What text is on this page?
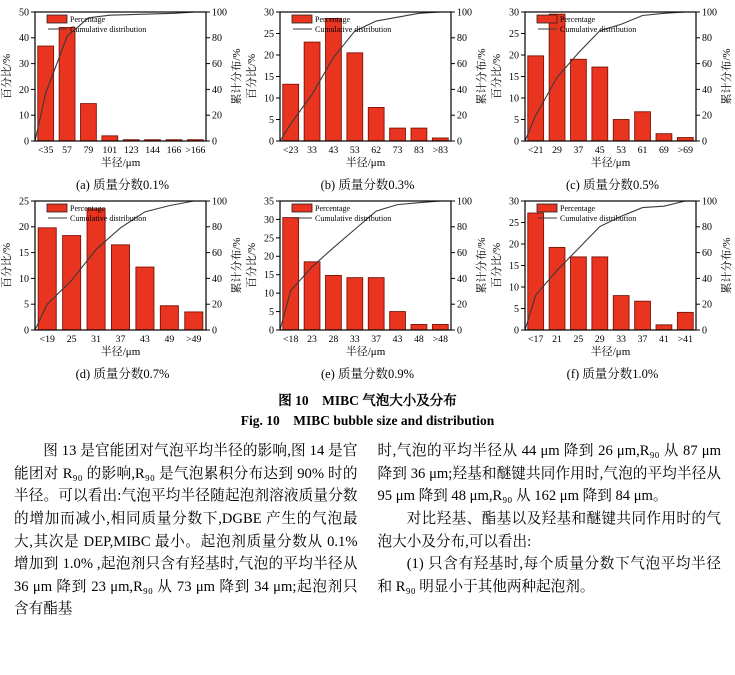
0
10
20
30
40
50
0
20
40
60
80
100
<35 57 79 101 123 144 166 >166
半径/μm
百分比/%	累计分布/%
Percentage
Cumulative distribution
(a) 质量分数0.1%
0
5
10
15
20
25
30
0
20
40
60
80
100
<23 33 43 53 62 73 83 >83
半径/μm
百分比/%	累计分布/%
Percentage
Cumulative distribution
(b) 质量分数0.3%
0
5
10
15
20
25
30
0
20
40
60
80
100
<21 29 37 45 53 61 69 >69
半径/μm
百分比/%	累计分布/%
Percentage
Cumulative distribution
(c) 质量分数0.5%
0
5
10
15
20
25
0
20
40
60
80
100
<19 25 31 37 43 49 >49
半径/μm
百分比/%	累计分布/%
Percentage
Cumulative distribution
(d) 质量分数0.7%
0
5
10
15
20
25
30
35
0
20
40
60
80
100
<18 23 28 33 37 43 48 >48
半径/μm
百分比/%	累计分布/%
Percentage
Cumulative distribution
(e) 质量分数0.9%
0
5
10
15
20
25
30
0
20
40
60
80
100
<17 21 25 29 33 37 41 >41
半径/μm
百分比/%	累计分布/%
Percentage
Cumulative distribution
(f) 质量分数1.0%
图 10　MIBC 气泡大小及分布
Fig. 10　MIBC bubble size and distribution

图 13 是官能团对气泡平均半径的影响,图 14 是官能团对 R₉₀ 的影响,R₉₀ 是气泡累积分布达到 90% 时的半径。可以看出:气泡平均半径随起泡剂溶液质量分数的增加而减小,相同质量分数下,DGBE 产生的气泡最大,其次是 DEP,MIBC 最小。起泡剂质量分数从 0.1% 增加到 1.0% ,起泡剂只含有羟基时,气泡的平均半径从 36 μm 降到 23 μm,R₉₀ 从 73 μm 降到 34 μm;起泡剂只含有酯基

时,气泡的平均半径从 44 μm 降到 26 μm,R₉₀ 从 87 μm 降到 36 μm;羟基和醚键共同作用时,气泡的平均半径从 95 μm 降到 48 μm,R₉₀ 从 162 μm 降到 84 μm。

对比羟基、酯基以及羟基和醚键共同作用时的气泡大小及分布,可以看出:

(1) 只含有羟基时,每个质量分数下气泡平均半径和 R₉₀ 明显小于其他两种起泡剂。
